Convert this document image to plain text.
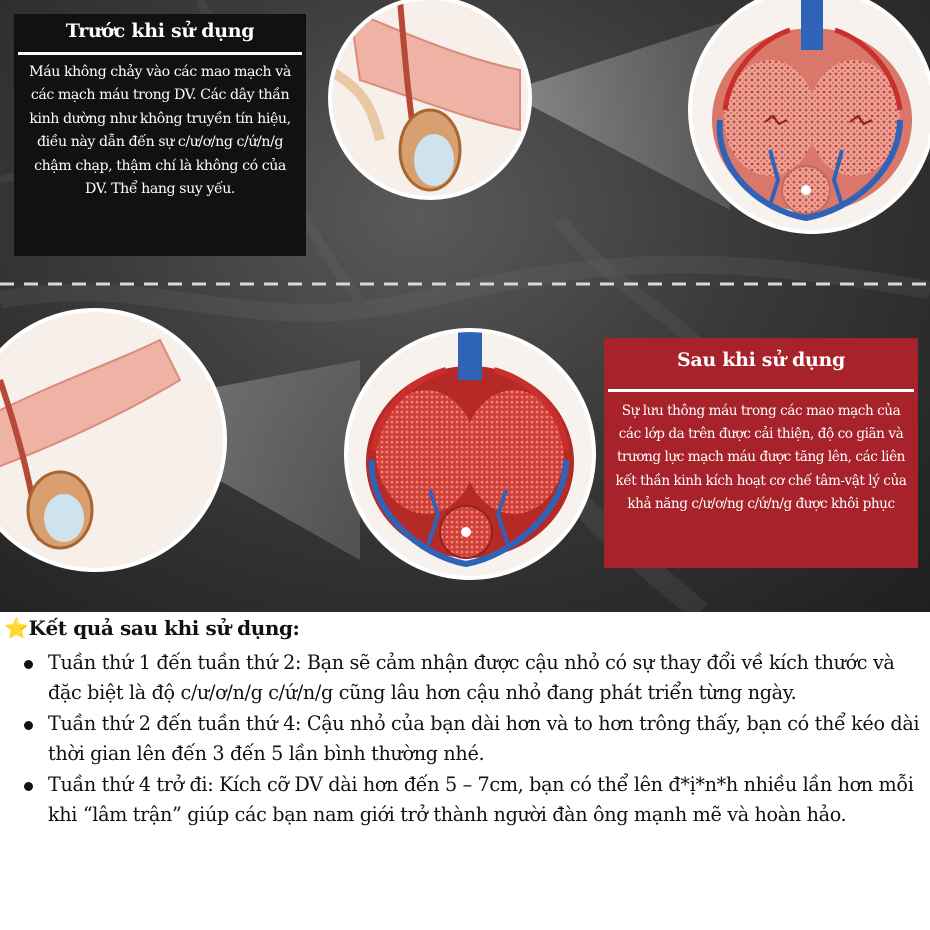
Trước khi sử dụng
Máu không chảy vào các mao mạch và các mạch máu trong DV. Các dây thần kinh dường như không truyền tín hiệu, điều này dẫn đến sự c/ư/ơ/ng c/ứ/n/g chậm chạp, thậm chí là không có của DV. Thể hang suy yếu.
Sau khi sử dụng
Sự lưu thông máu trong các mao mạch của các lớp da trên được cải thiện, độ co giãn và trương lực mạch máu được tăng lên, các liên kết thần kinh kích hoạt cơ chế tâm-vật lý của khả năng c/ư/ơ/ng c/ứ/n/g được khôi phục
⭐Kết quả sau khi sử dụng:
Tuần thứ 1 đến tuần thứ 2: Bạn sẽ cảm nhận được cậu nhỏ có sự thay đổi về kích thước và đặc biệt là độ c/ư/ơ/n/g c/ứ/n/g cũng lâu hơn cậu nhỏ đang phát triển từng ngày.
Tuần thứ 2 đến tuần thứ 4: Cậu nhỏ của bạn dài hơn và to hơn trông thấy, bạn có thể kéo dài thời gian lên đến 3 đến 5 lần bình thường nhé.
Tuần thứ 4 trở đi: Kích cỡ DV dài hơn đến 5 – 7cm, bạn có thể lên đ*ị*n*h nhiều lần hơn mỗi khi “lâm trận” giúp các bạn nam giới trở thành người đàn ông mạnh mẽ và hoàn hảo.
